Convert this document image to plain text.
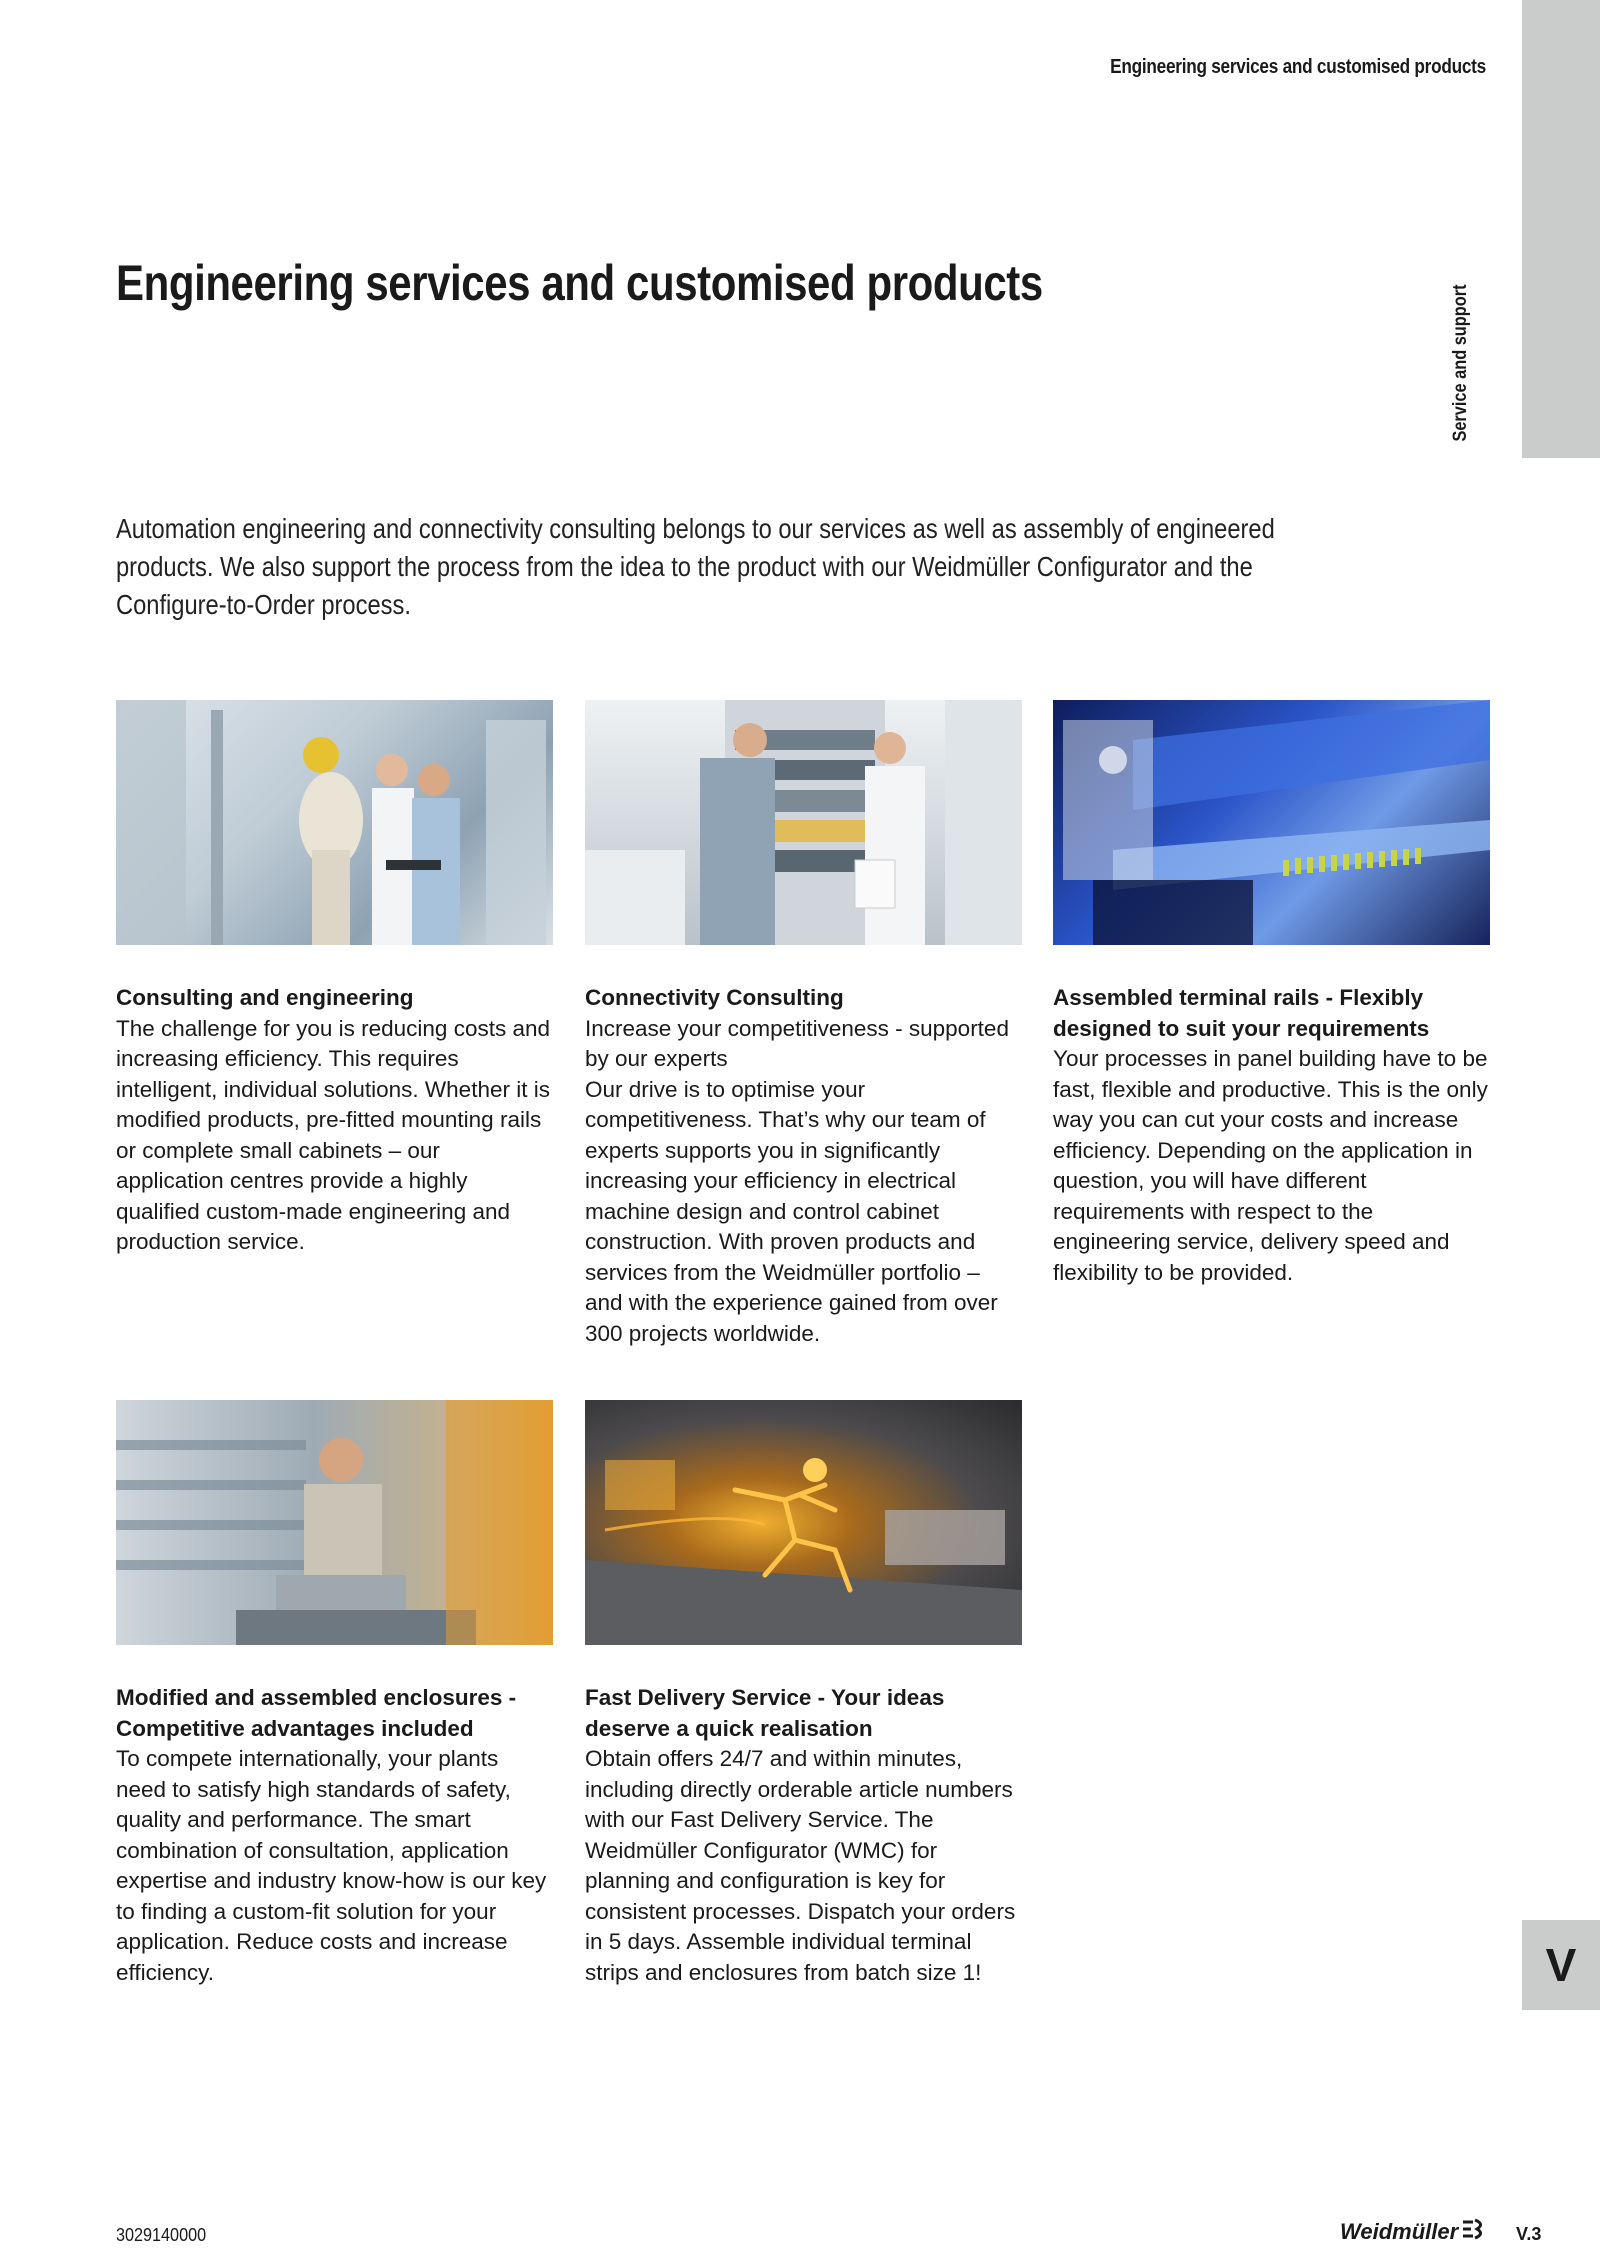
Engineering services and customised products
Service and support
Engineering services and customised products

Automation engineering and connectivity consulting belongs to our services as well as assembly of engineered products. We also support the process from the idea to the product with our Weidmüller Configurator and the Configure-to-Order process.

Consulting and engineering

The challenge for you is reducing costs and increasing efficiency. This requires intelligent, individual solutions. Whether it is modified products, pre-fitted mounting rails or complete small cabinets – our application centres provide a highly qualified custom-made engineering and production service.

Connectivity Consulting

Increase your competitiveness - supported by our experts
Our drive is to optimise your competitiveness. That’s why our team of experts supports you in significantly increasing your efficiency in electrical machine design and control cabinet construction. With proven products and services from the Weidmüller portfolio – and with the experience gained from over 300 projects worldwide.

Assembled terminal rails - Flexibly designed to suit your requirements

Your processes in panel building have to be fast, flexible and productive. This is the only way you can cut your costs and increase efficiency. Depending on the application in question, you will have different requirements with respect to the engineering service, delivery speed and flexibility to be provided.

Modified and assembled enclosures - Competitive advantages included

To compete internationally, your plants need to satisfy high standards of safety, quality and performance. The smart combination of consultation, application expertise and industry know-how is our key to finding a custom-fit solution for your application. Reduce costs and increase efficiency.

Fast Delivery Service - Your ideas deserve a quick realisation

Obtain offers 24/7 and within minutes, including directly orderable article numbers with our Fast Delivery Service. The Weidmüller Configurator (WMC) for planning and configuration is key for consistent processes. Dispatch your orders in 5 days. Assemble individual terminal strips and enclosures from batch size 1!	V
3029140000	Weidmüller	V.3
